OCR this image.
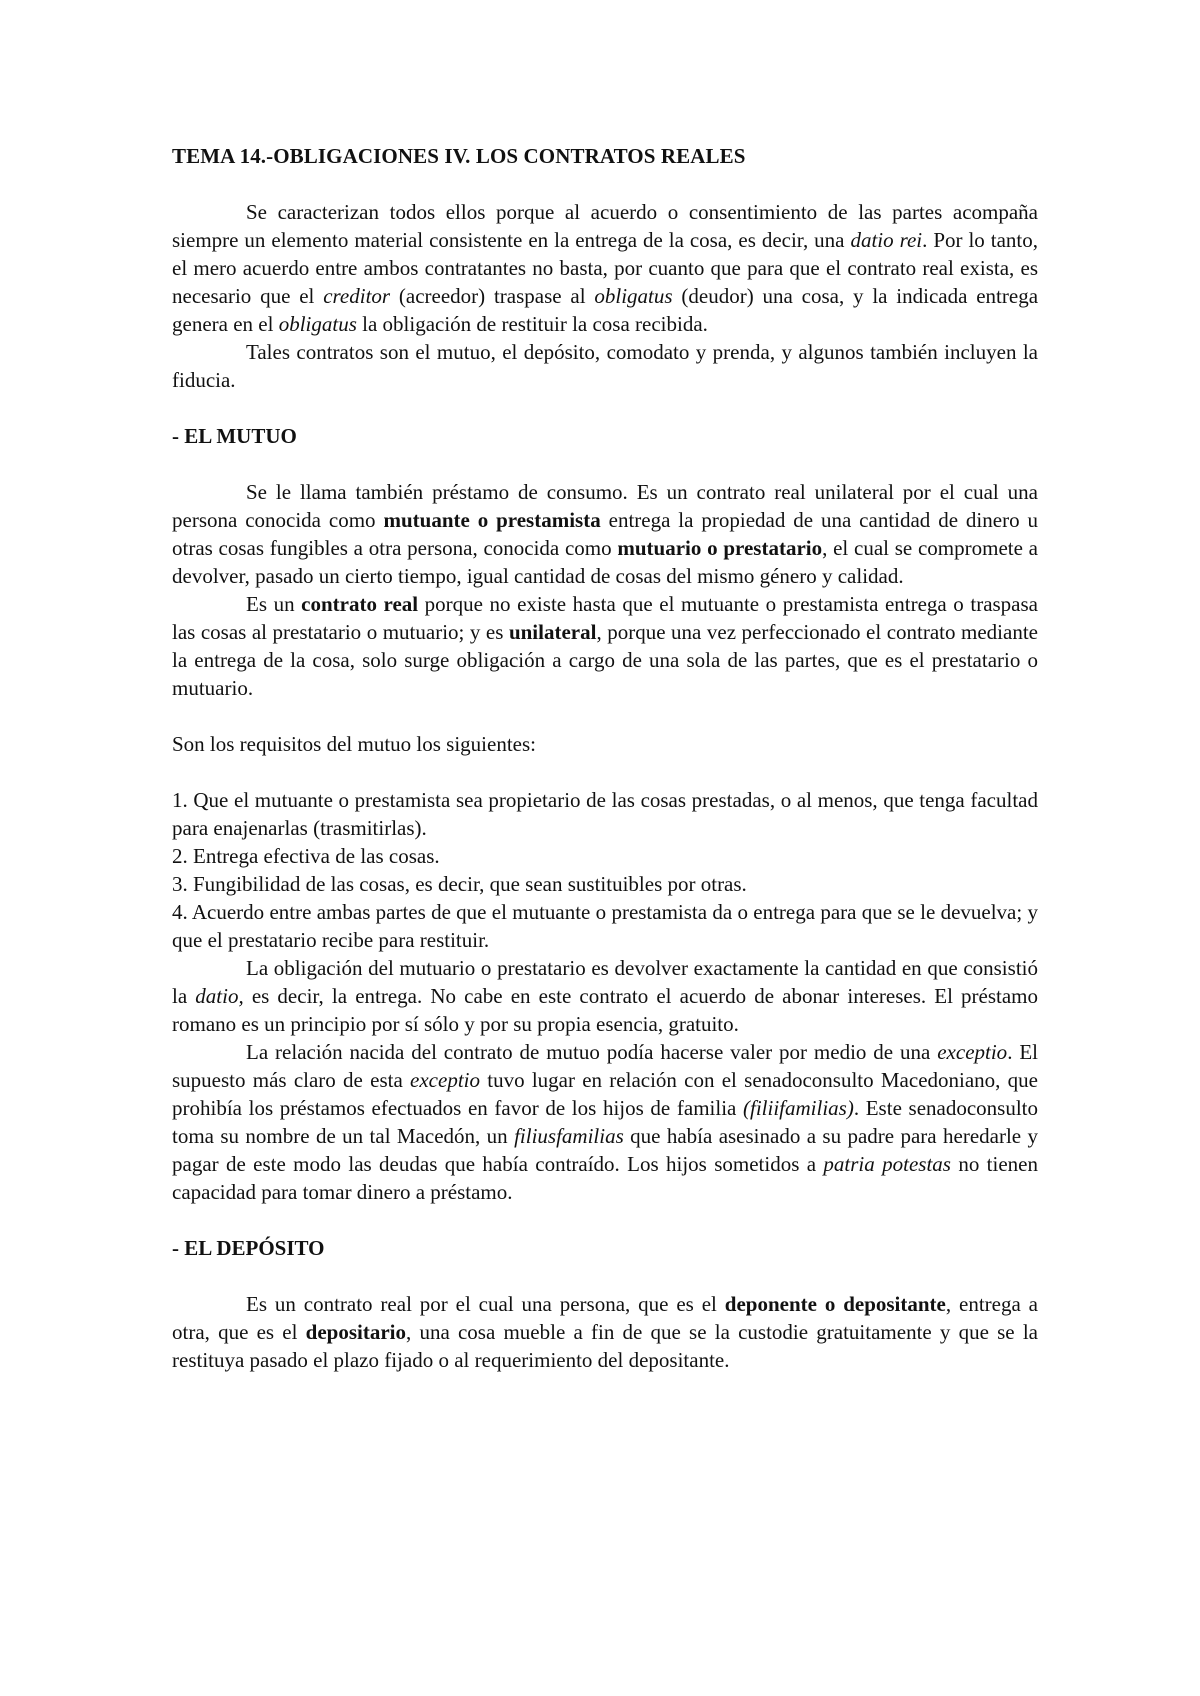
TEMA 14.-OBLIGACIONES IV. LOS CONTRATOS REALES

Se caracterizan todos ellos porque al acuerdo o consentimiento de las partes acompaña siempre un elemento material consistente en la entrega de la cosa, es decir, una datio rei. Por lo tanto, el mero acuerdo entre ambos contratantes no basta, por cuanto que para que el contrato real exista, es necesario que el creditor (acreedor) traspase al obligatus (deudor) una cosa, y la indicada entrega genera en el obligatus la obligación de restituir la cosa recibida.

Tales contratos son el mutuo, el depósito, comodato y prenda, y algunos también incluyen la fiducia.

- EL MUTUO

Se le llama también préstamo de consumo. Es un contrato real unilateral por el cual una persona conocida como mutuante o prestamista entrega la propiedad de una cantidad de dinero u otras cosas fungibles a otra persona, conocida como mutuario o prestatario, el cual se compromete a devolver, pasado un cierto tiempo, igual cantidad de cosas del mismo género y calidad.

Es un contrato real porque no existe hasta que el mutuante o prestamista entrega o traspasa las cosas al prestatario o mutuario; y es unilateral, porque una vez perfeccionado el contrato mediante la entrega de la cosa, solo surge obligación a cargo de una sola de las partes, que es el prestatario o mutuario.

Son los requisitos del mutuo los siguientes:

1. Que el mutuante o prestamista sea propietario de las cosas prestadas, o al menos, que tenga facultad para enajenarlas (trasmitirlas).

2. Entrega efectiva de las cosas.

3. Fungibilidad de las cosas, es decir, que sean sustituibles por otras.

4. Acuerdo entre ambas partes de que el mutuante o prestamista da o entrega para que se le devuelva; y que el prestatario recibe para restituir.

La obligación del mutuario o prestatario es devolver exactamente la cantidad en que consistió la datio, es decir, la entrega. No cabe en este contrato el acuerdo de abonar intereses. El préstamo romano es un principio por sí sólo y por su propia esencia, gratuito.

La relación nacida del contrato de mutuo podía hacerse valer por medio de una exceptio. El supuesto más claro de esta exceptio tuvo lugar en relación con el senadoconsulto Macedoniano, que prohibía los préstamos efectuados en favor de los hijos de familia (filiifamilias). Este senadoconsulto toma su nombre de un tal Macedón, un filiusfamilias que había asesinado a su padre para heredarle y pagar de este modo las deudas que había contraído. Los hijos sometidos a patria potestas no tienen capacidad para tomar dinero a préstamo.

- EL DEPÓSITO

Es un contrato real por el cual una persona, que es el deponente o depositante, entrega a otra, que es el depositario, una cosa mueble a fin de que se la custodie gratuitamente y que se la restituya pasado el plazo fijado o al requerimiento del depositante.
